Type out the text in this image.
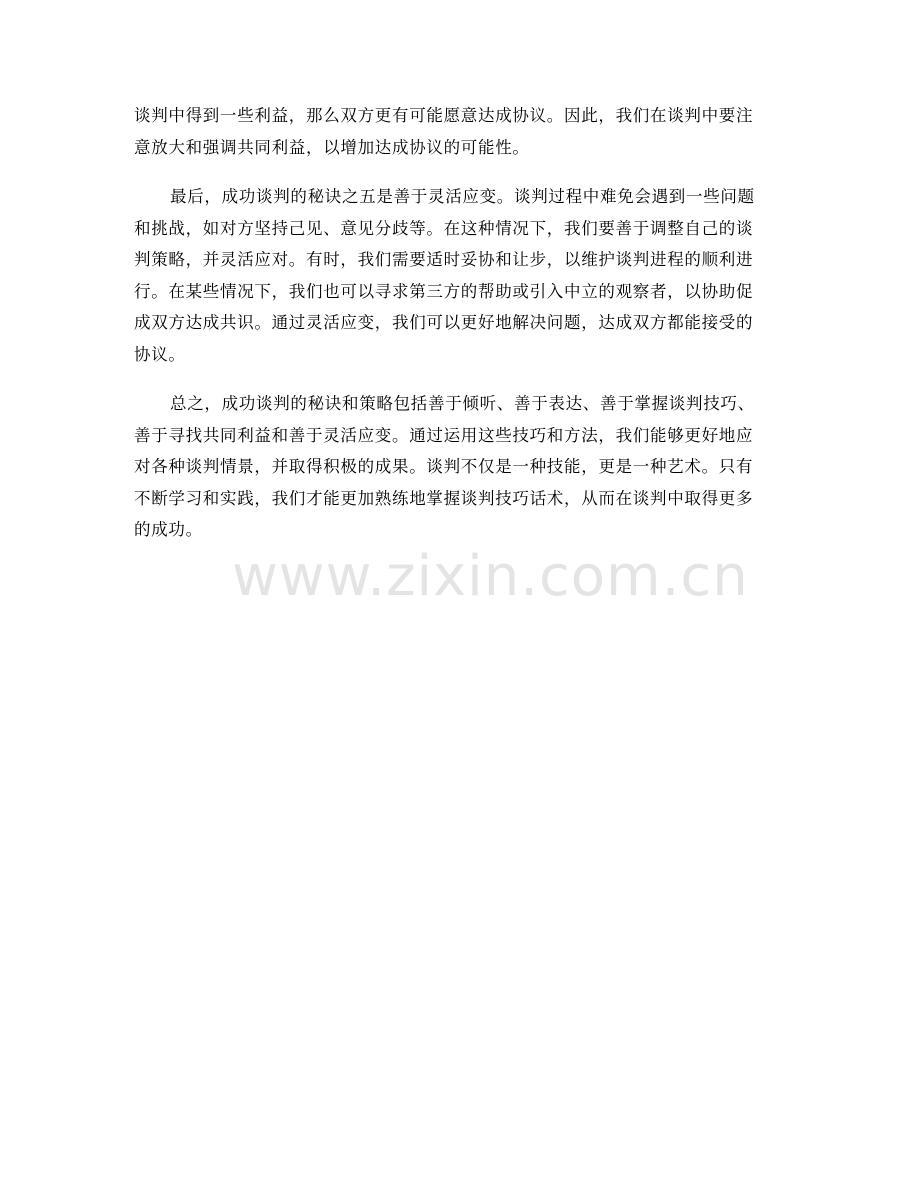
谈判中得到一些利益，那么双方更有可能愿意达成协议。因此，我们在谈判中要注
意放大和强调共同利益，以增加达成协议的可能性。

最后，成功谈判的秘诀之五是善于灵活应变。谈判过程中难免会遇到一些问题
和挑战，如对方坚持己见、意见分歧等。在这种情况下，我们要善于调整自己的谈
判策略，并灵活应对。有时，我们需要适时妥协和让步，以维护谈判进程的顺利进
行。在某些情况下，我们也可以寻求第三方的帮助或引入中立的观察者，以协助促
成双方达成共识。通过灵活应变，我们可以更好地解决问题，达成双方都能接受的
协议。

总之，成功谈判的秘诀和策略包括善于倾听、善于表达、善于掌握谈判技巧、
善于寻找共同利益和善于灵活应变。通过运用这些技巧和方法，我们能够更好地应
对各种谈判情景，并取得积极的成果。谈判不仅是一种技能，更是一种艺术。只有
不断学习和实践，我们才能更加熟练地掌握谈判技巧话术，从而在谈判中取得更多
的成功。

www.zixin.com.cn
